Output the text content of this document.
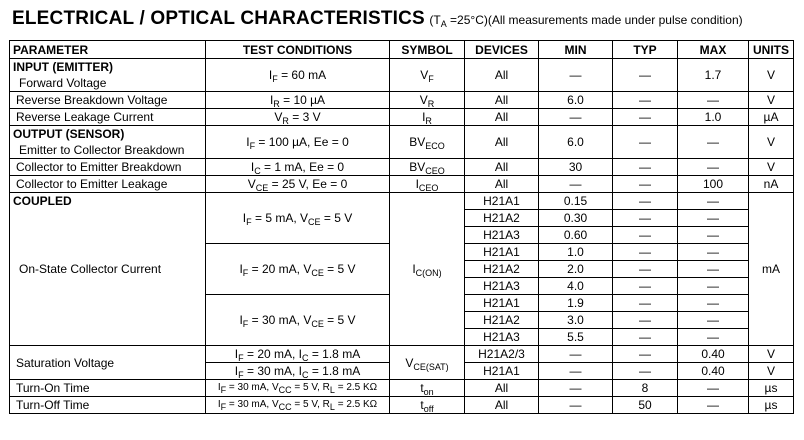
ELECTRICAL / OPTICAL CHARACTERISTICS $(T_A =25^\circ C)(All$ measurements made under pulse condition)
PARAMETER	TEST CONDITIONS	SYMBOL	DEVICES	MIN	TYP	MAX	UNITS

INPUT (EMITTER)
Forward Voltage	$I_F = 60$ mA	$V_F$	All	—	—	1.7	V
Reverse Breakdown Voltage	$I_R = 10$ µA	$V_R$	All	6.0	—	—	V
Reverse Leakage Current	$V_R = 3$ V	$I_R$	All	—	—	1.0	µA

OUTPUT (SENSOR)
Emitter to Collector Breakdown	$I_F = 100$ µA, Ee = 0	$BV_{ECO}$	All	6.0	—	—	V
Collector to Emitter Breakdown	$I_C = 1$ mA, Ee = 0	$BV_{CEO}$	All	30	—	—	V
Collector to Emitter Leakage	$V_{CE} = 25$ V, Ee = 0	$I_{CEO}$	All	—	—	100	nA

COUPLED
On-State Collector Current	$I_F = 5$ mA, $V_{CE} = 5$ V	$I_{C(ON)}$	H21A1	0.15	—	—	mA
			H21A2	0.30	—	—	
			H21A3	0.60	—	—	
	$I_F = 20$ mA, $V_{CE} = 5$ V		H21A1	1.0	—	—	
			H21A2	2.0	—	—	
			H21A3	4.0	—	—	
	$I_F = 30$ mA, $V_{CE} = 5$ V		H21A1	1.9	—	—	
			H21A2	3.0	—	—	
			H21A3	5.5	—	—	
Saturation Voltage	$I_F = 20$ mA, $I_C = 1.8$ mA	$V_{CE(SAT)}$	H21A2/3	—	—	0.40	V
	$I_F = 30$ mA, $I_C = 1.8$ mA		H21A1	—	—	0.40	V
Turn-On Time	$I_F = 30$ mA, $V_{CC} = 5$ V, $R_L = 2.5$ KΩ	$t_{on}$	All	—	8	—	µs
Turn-Off Time	$I_F = 30$ mA, $V_{CC} = 5$ V, $R_L = 2.5$ KΩ	$t_{off}$	All	—	50	—	µs
